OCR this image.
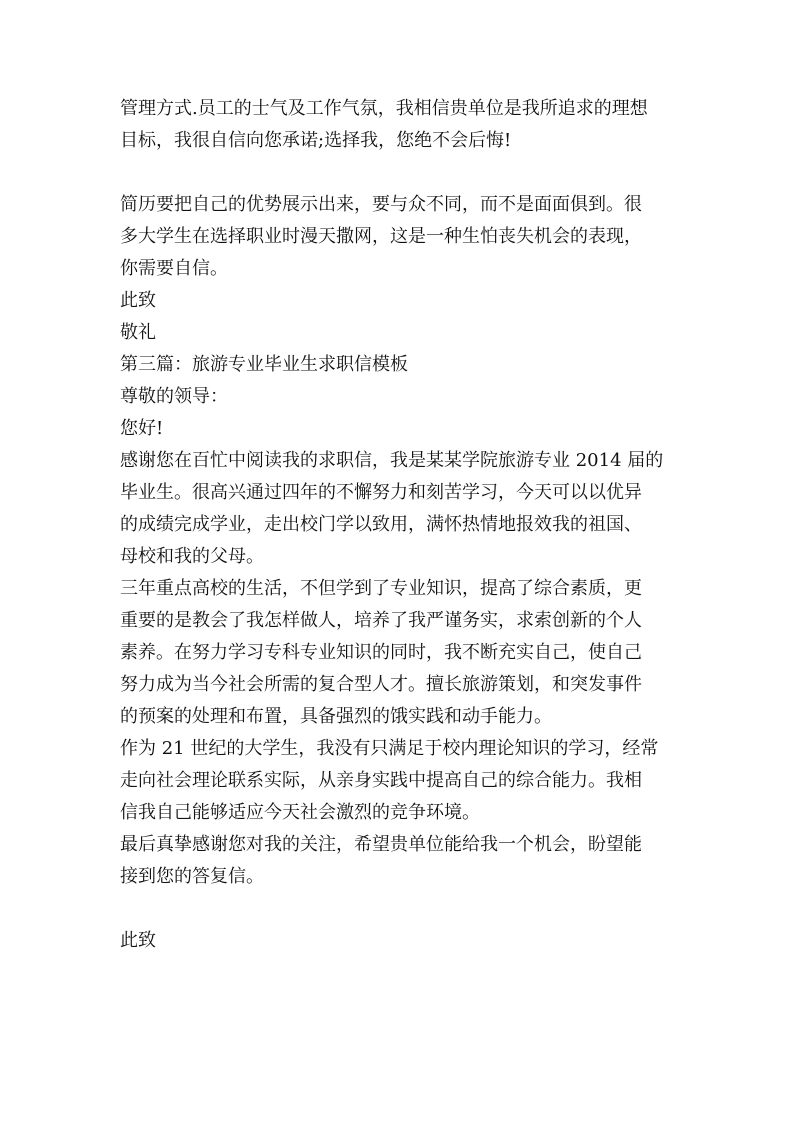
管理方式.员工的士气及工作气氛，我相信贵单位是我所追求的理想
目标，我很自信向您承诺;选择我，您绝不会后悔!
简历要把自己的优势展示出来，要与众不同，而不是面面俱到。很
多大学生在选择职业时漫天撒网，这是一种生怕丧失机会的表现，
你需要自信。
此致
敬礼
第三篇：旅游专业毕业生求职信模板
尊敬的领导：
您好!
感谢您在百忙中阅读我的求职信，我是某某学院旅游专业 2014 届的
毕业生。很高兴通过四年的不懈努力和刻苦学习，今天可以以优异
的成绩完成学业，走出校门学以致用，满怀热情地报效我的祖国、
母校和我的父母。
三年重点高校的生活，不但学到了专业知识，提高了综合素质，更
重要的是教会了我怎样做人，培养了我严谨务实，求索创新的个人
素养。在努力学习专科专业知识的同时，我不断充实自己，使自己
努力成为当今社会所需的复合型人才。擅长旅游策划，和突发事件
的预案的处理和布置，具备强烈的饿实践和动手能力。
作为 21 世纪的大学生，我没有只满足于校内理论知识的学习，经常
走向社会理论联系实际，从亲身实践中提高自己的综合能力。我相
信我自己能够适应今天社会激烈的竞争环境。
最后真挚感谢您对我的关注，希望贵单位能给我一个机会，盼望能
接到您的答复信。
此致
